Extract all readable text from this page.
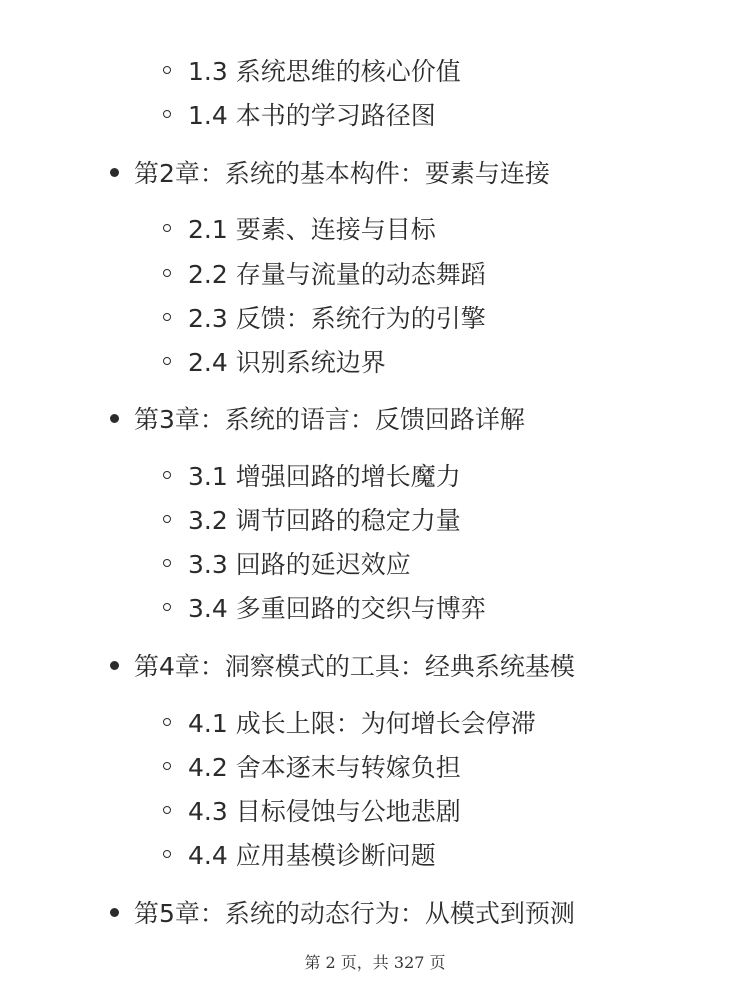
1.3 系统思维的核心价值
1.4 本书的学习路径图
第2章：系统的基本构件：要素与连接
2.1 要素、连接与目标
2.2 存量与流量的动态舞蹈
2.3 反馈：系统行为的引擎
2.4 识别系统边界
第3章：系统的语言：反馈回路详解
3.1 增强回路的增长魔力
3.2 调节回路的稳定力量
3.3 回路的延迟效应
3.4 多重回路的交织与博弈
第4章：洞察模式的工具：经典系统基模
4.1 成长上限：为何增长会停滞
4.2 舍本逐末与转嫁负担
4.3 目标侵蚀与公地悲剧
4.4 应用基模诊断问题
第5章：系统的动态行为：从模式到预测
第 2 页，共 327 页
